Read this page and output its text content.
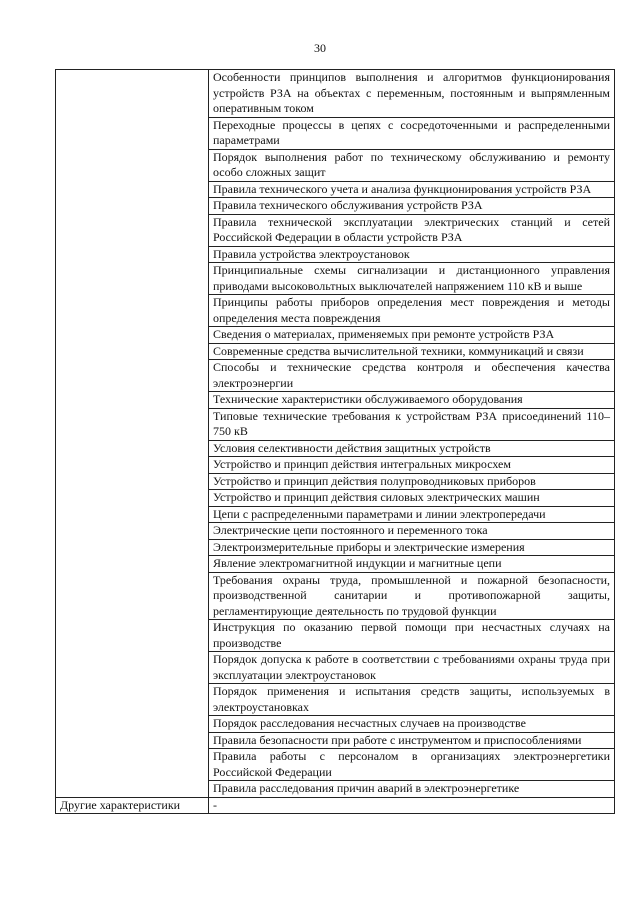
30
	Особенности принципов выполнения и алгоритмов функционирования устройств РЗА на объектах с переменным, постоянным и выпрямленным оперативным током
	Переходные процессы в цепях с сосредоточенными и распределенными параметрами
	Порядок выполнения работ по техническому обслуживанию и ремонту особо сложных защит
	Правила технического учета и анализа функционирования устройств РЗА
	Правила технического обслуживания устройств РЗА
	Правила технической эксплуатации электрических станций и сетей Российской Федерации в области устройств РЗА
	Правила устройства электроустановок
	Принципиальные схемы сигнализации и дистанционного управления приводами высоковольтных выключателей напряжением 110 кВ и выше
	Принципы работы приборов определения мест повреждения и методы определения места повреждения
	Сведения о материалах, применяемых при ремонте устройств РЗА
	Современные средства вычислительной техники, коммуникаций и связи
	Способы и технические средства контроля и обеспечения качества электроэнергии
	Технические характеристики обслуживаемого оборудования
	Типовые технические требования к устройствам РЗА присоединений 110–750 кВ
	Условия селективности действия защитных устройств
	Устройство и принцип действия интегральных микросхем
	Устройство и принцип действия полупроводниковых приборов
	Устройство и принцип действия силовых электрических машин
	Цепи с распределенными параметрами и линии электропередачи
	Электрические цепи постоянного и переменного тока
	Электроизмерительные приборы и электрические измерения
	Явление электромагнитной индукции и магнитные цепи
	Требования охраны труда, промышленной и пожарной безопасности, производственной санитарии и противопожарной защиты, регламентирующие деятельность по трудовой функции
	Инструкция по оказанию первой помощи при несчастных случаях на производстве
	Порядок допуска к работе в соответствии с требованиями охраны труда при эксплуатации электроустановок
	Порядок применения и испытания средств защиты, используемых в электроустановках
	Порядок расследования несчастных случаев на производстве
	Правила безопасности при работе с инструментом и приспособлениями
	Правила работы с персоналом в организациях электроэнергетики Российской Федерации
	Правила расследования причин аварий в электроэнергетике
Другие характеристики	-
